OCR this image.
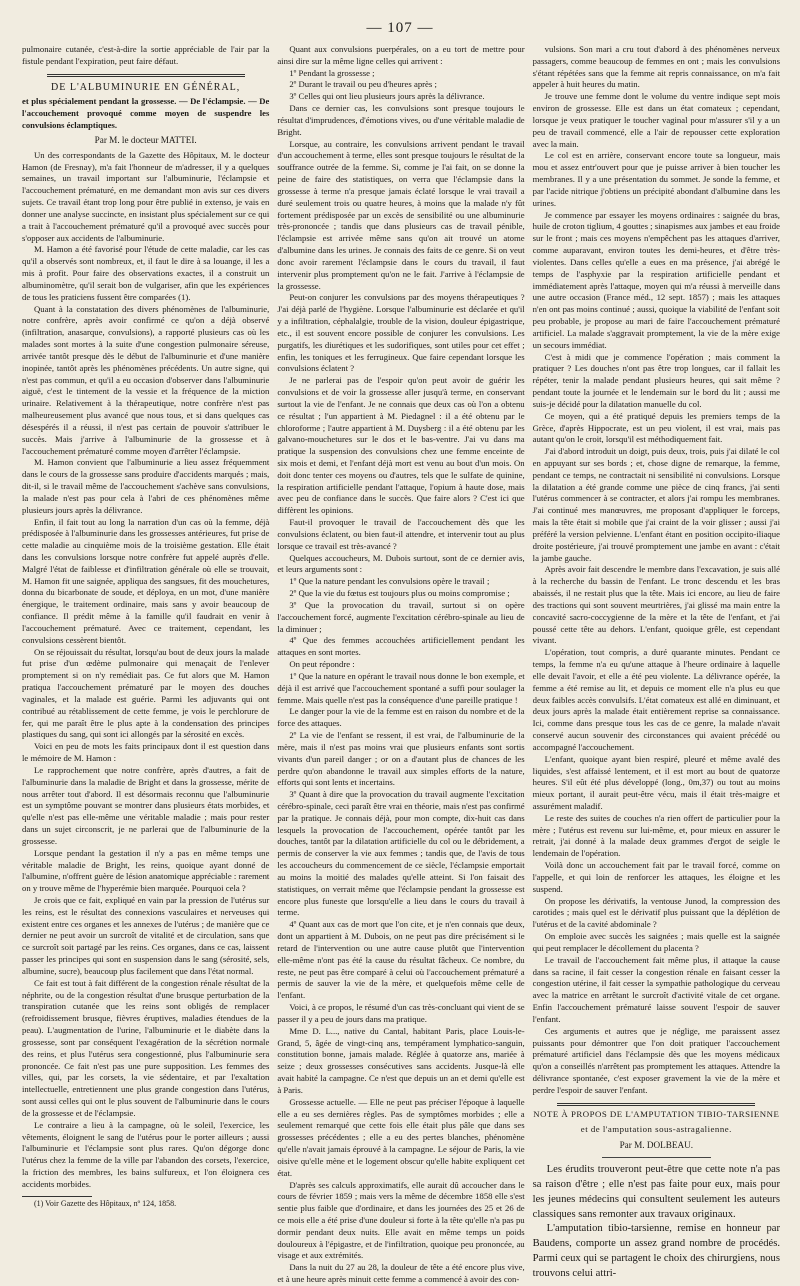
— 107 —

pulmonaire cutanée, c'est-à-dire la sortie appréciable de l'air par la fistule pendant l'expiration, peut faire défaut.

DE L'ALBUMINURIE EN GÉNÉRAL,

et plus spécialement pendant la grossesse. — De l'éclampsie. — De l'accouchement provoqué comme moyen de suspendre les convulsions éclamptiques.

Par M. le docteur MATTEI.

Un des correspondants de la Gazette des Hôpitaux, M. le docteur Hamon (de Fresnay), m'a fait l'honneur de m'adresser, il y a quelques semaines, un travail important sur l'albuminurie, l'éclampsie et l'accouchement prématuré, en me demandant mon avis sur ces divers sujets. Ce travail étant trop long pour être publié in extenso, je vais en donner une analyse succincte, en insistant plus spécialement sur ce qui a trait à l'accouchement prématuré qu'il a provoqué avec succès pour s'opposer aux accidents de l'albuminurie.

M. Hamon a été favorisé pour l'étude de cette maladie, car les cas qu'il a observés sont nombreux, et, il faut le dire à sa louange, il les a mis à profit. Pour faire des observations exactes, il a construit un albuminomètre, qu'il serait bon de vulgariser, afin que les expériences de tous les praticiens fussent être comparées (1).

Quant à la constatation des divers phénomènes de l'albuminurie, notre confrère, après avoir confirmé ce qu'on a déjà observé (infiltration, anasarque, convulsions), a rapporté plusieurs cas où les malades sont mortes à la suite d'une congestion pulmonaire séreuse, arrivée tantôt presque dès le début de l'albuminurie et d'une manière inopinée, tantôt après les phénomènes précédents. Un autre signe, qui n'est pas commun, et qu'il a eu occasion d'observer dans l'albuminurie aiguë, c'est le tintement de la vessie et la fréquence de la miction urinaire. Relativement à la thérapeutique, notre confrère n'est pas malheureusement plus avancé que nous tous, et si dans quelques cas désespérés il a réussi, il n'est pas certain de pouvoir s'attribuer le succès. Mais j'arrive à l'albuminurie de la grossesse et à l'accouchement prématuré comme moyen d'arrêter l'éclampsie.

M. Hamon convient que l'albuminurie a lieu assez fréquemment dans le cours de la grossesse sans produire d'accidents marqués ; mais, dit-il, si le travail même de l'accouchement s'achève sans convulsions, la malade n'est pas pour cela à l'abri de ces phénomènes même plusieurs jours après la délivrance.

Enfin, il fait tout au long la narration d'un cas où la femme, déjà prédisposée à l'albuminurie dans les grossesses antérieures, fut prise de cette maladie au cinquième mois de la troisième gestation. Elle était dans les convulsions lorsque notre confrère fut appelé auprès d'elle. Malgré l'état de faiblesse et d'infiltration générale où elle se trouvait, M. Hamon fit une saignée, appliqua des sangsues, fit des mouchetures, donna du bicarbonate de soude, et déploya, en un mot, d'une manière énergique, le traitement ordinaire, mais sans y avoir beaucoup de confiance. Il prédit même à la famille qu'il faudrait en venir à l'accouchement prématuré. Avec ce traitement, cependant, les convulsions cessèrent bientôt.

On se réjouissait du résultat, lorsqu'au bout de deux jours la malade fut prise d'un œdème pulmonaire qui menaçait de l'enlever promptement si on n'y remédiait pas. Ce fut alors que M. Hamon pratiqua l'accouchement prématuré par le moyen des douches vaginales, et la malade est guérie. Parmi les adjuvants qui ont contribué au rétablissement de cette femme, je vois le perchlorure de fer, qui me paraît être le plus apte à la condensation des principes plastiques du sang, qui sont ici allongés par la sérosité en excès.

Voici en peu de mots les faits principaux dont il est question dans le mémoire de M. Hamon :

Le rapprochement que notre confrère, après d'autres, a fait de l'albuminurie dans la maladie de Bright et dans la grossesse, mérite de nous arrêter tout d'abord. Il est désormais reconnu que l'albuminurie est un symptôme pouvant se montrer dans plusieurs états morbides, et qu'elle n'est pas elle-même une véritable maladie ; mais pour rester dans un sujet circonscrit, je ne parlerai que de l'albuminurie de la grossesse.

Lorsque pendant la gestation il n'y a pas en même temps une véritable maladie de Bright, les reins, quoique ayant donné de l'albumine, n'offrent guère de lésion anatomique appréciable : rarement on y trouve même de l'hyperémie bien marquée. Pourquoi cela ?

Je crois que ce fait, expliqué en vain par la pression de l'utérus sur les reins, est le résultat des connexions vasculaires et nerveuses qui existent entre ces organes et les annexes de l'utérus ; de manière que ce dernier ne peut avoir un surcroît de vitalité et de circulation, sans que ce surcroît soit partagé par les reins. Ces organes, dans ce cas, laissent passer les principes qui sont en suspension dans le sang (sérosité, sels, albumine, sucre), beaucoup plus facilement que dans l'état normal.

Ce fait est tout à fait différent de la congestion rénale résultat de la néphrite, ou de la congestion résultat d'une brusque perturbation de la transpiration cutanée que les reins sont obligés de remplacer (refroidissement brusque, fièvres éruptives, maladies étendues de la peau). L'augmentation de l'urine, l'albuminurie et le diabète dans la grossesse, sont par conséquent l'exagération de la sécrétion normale des reins, et plus l'utérus sera congestionné, plus l'albuminurie sera prononcée. Ce fait n'est pas une pure supposition. Les femmes des villes, qui, par les corsets, la vie sédentaire, et par l'exaltation intellectuelle, entretiennent une plus grande congestion dans l'utérus, sont aussi celles qui ont le plus souvent de l'albuminurie dans le cours de la grossesse et de l'éclampsie.

Le contraire a lieu à la campagne, où le soleil, l'exercice, les vêtements, éloignent le sang de l'utérus pour le porter ailleurs ; aussi l'albuminurie et l'éclampsie sont plus rares. Qu'on dégorge donc l'utérus chez la femme de la ville par l'abandon des corsets, l'exercice, la friction des membres, les bains sulfureux, et l'on éloignera ces accidents morbides.

(1) Voir Gazette des Hôpitaux, nº 124, 1858.

Quant aux convulsions puerpérales, on a eu tort de mettre pour ainsi dire sur la même ligne celles qui arrivent :

1º Pendant la grossesse ;

2º Durant le travail ou peu d'heures après ;

3º Celles qui ont lieu plusieurs jours après la délivrance.

Dans ce dernier cas, les convulsions sont presque toujours le résultat d'imprudences, d'émotions vives, ou d'une véritable maladie de Bright.

Lorsque, au contraire, les convulsions arrivent pendant le travail d'un accouchement à terme, elles sont presque toujours le résultat de la souffrance outrée de la femme. Si, comme je l'ai fait, on se donne la peine de faire des statistiques, on verra que l'éclampsie dans la grossesse à terme n'a presque jamais éclaté lorsque le vrai travail a duré seulement trois ou quatre heures, à moins que la malade n'y fût fortement prédisposée par un excès de sensibilité ou une albuminurie très-prononcée ; tandis que dans plusieurs cas de travail pénible, l'éclampsie est arrivée même sans qu'on ait trouvé un atome d'albumine dans les urines. Je connais des faits de ce genre. Si on veut donc avoir rarement l'éclampsie dans le cours du travail, il faut intervenir plus promptement qu'on ne le fait. J'arrive à l'éclampsie de la grossesse.

Peut-on conjurer les convulsions par des moyens thérapeutiques ? J'ai déjà parlé de l'hygiène. Lorsque l'albuminurie est déclarée et qu'il y a infiltration, céphalalgie, trouble de la vision, douleur épigastrique, etc., il est souvent encore possible de conjurer les convulsions. Les purgatifs, les diurétiques et les sudorifiques, sont utiles pour cet effet ; enfin, les toniques et les ferrugineux. Que faire cependant lorsque les convulsions éclatent ?

Je ne parlerai pas de l'espoir qu'on peut avoir de guérir les convulsions et de voir la grossesse aller jusqu'à terme, en conservant surtout la vie de l'enfant. Je ne connais que deux cas où l'on a obtenu ce résultat ; l'un appartient à M. Piedagnel : il a été obtenu par le chloroforme ; l'autre appartient à M. Duysberg : il a été obtenu par les galvano-mouchetures sur le dos et le bas-ventre. J'ai vu dans ma pratique la suspension des convulsions chez une femme enceinte de six mois et demi, et l'enfant déjà mort est venu au bout d'un mois. On doit donc tenter ces moyens ou d'autres, tels que le sulfate de quinine, la respiration artificielle pendant l'attaque, l'opium à haute dose, mais avec peu de confiance dans le succès. Que faire alors ? C'est ici que diffèrent les opinions.

Faut-il provoquer le travail de l'accouchement dès que les convulsions éclatent, ou bien faut-il attendre, et intervenir tout au plus lorsque ce travail est très-avancé ?

Quelques accoucheurs, M. Dubois surtout, sont de ce dernier avis, et leurs arguments sont :

1º Que la nature pendant les convulsions opère le travail ;

2º Que la vie du fœtus est toujours plus ou moins compromise ;

3º Que la provocation du travail, surtout si on opère l'accouchement forcé, augmente l'excitation cérébro-spinale au lieu de la diminuer ;

4º Que des femmes accouchées artificiellement pendant les attaques en sont mortes.

On peut répondre :

1º Que la nature en opérant le travail nous donne le bon exemple, et déjà il est arrivé que l'accouchement spontané a suffi pour soulager la femme. Mais quelle n'est pas la conséquence d'une pareille pratique !

Le danger pour la vie de la femme est en raison du nombre et de la force des attaques.

2º La vie de l'enfant se ressent, il est vrai, de l'albuminurie de la mère, mais il n'est pas moins vrai que plusieurs enfants sont sortis vivants d'un pareil danger ; or on a d'autant plus de chances de les perdre qu'on abandonne le travail aux simples efforts de la nature, efforts qui sont lents et incertains.

3º Quant à dire que la provocation du travail augmente l'excitation cérébro-spinale, ceci paraît être vrai en théorie, mais n'est pas confirmé par la pratique. Je connais déjà, pour mon compte, dix-huit cas dans lesquels la provocation de l'accouchement, opérée tantôt par les douches, tantôt par la dilatation artificielle du col ou le débridement, a permis de conserver la vie aux femmes ; tandis que, de l'avis de tous les accoucheurs du commencement de ce siècle, l'éclampsie emportait au moins la moitié des malades qu'elle atteint. Si l'on faisait des statistiques, on verrait même que l'éclampsie pendant la grossesse est encore plus funeste que lorsqu'elle a lieu dans le cours du travail à terme.

4º Quant aux cas de mort que l'on cite, et je n'en connais que deux, dont un appartient à M. Dubois, on ne peut pas dire précisément si le retard de l'intervention ou une autre cause plutôt que l'intervention elle-même n'ont pas été la cause du résultat fâcheux. Ce nombre, du reste, ne peut pas être comparé à celui où l'accouchement prématuré a permis de sauver la vie de la mère, et quelquefois même celle de l'enfant.

Voici, à ce propos, le résumé d'un cas très-concluant qui vient de se passer il y a peu de jours dans ma pratique.

Mme D. L..., native du Cantal, habitant Paris, place Louis-le-Grand, 5, âgée de vingt-cinq ans, tempérament lymphatico-sanguin, constitution bonne, jamais malade. Réglée à quatorze ans, mariée à seize ; deux grossesses consécutives sans accidents. Jusque-là elle avait habité la campagne. Ce n'est que depuis un an et demi qu'elle est à Paris.

Grossesse actuelle. — Elle ne peut pas préciser l'époque à laquelle elle a eu ses dernières règles. Pas de symptômes morbides ; elle a seulement remarqué que cette fois elle était plus pâle que dans ses grossesses précédentes ; elle a eu des pertes blanches, phénomène qu'elle n'avait jamais éprouvé à la campagne. Le séjour de Paris, la vie oisive qu'elle mène et le logement obscur qu'elle habite expliquent cet état.

D'après ses calculs approximatifs, elle aurait dû accoucher dans le cours de février 1859 ; mais vers la même de décembre 1858 elle s'est sentie plus faible que d'ordinaire, et dans les journées des 25 et 26 de ce mois elle a été prise d'une douleur si forte à la tête qu'elle n'a pas pu dormir pendant deux nuits. Elle avait en même temps un poids douloureux à l'épigastre, et de l'infiltration, quoique peu prononcée, au visage et aux extrémités.

Dans la nuit du 27 au 28, la douleur de tête a été encore plus vive, et à une heure après minuit cette femme a commencé à avoir des con-

vulsions. Son mari a cru tout d'abord à des phénomènes nerveux passagers, comme beaucoup de femmes en ont ; mais les convulsions s'étant répétées sans que la femme ait repris connaissance, on m'a fait appeler à huit heures du matin.

Je trouve une femme dont le volume du ventre indique sept mois environ de grossesse. Elle est dans un état comateux ; cependant, lorsque je veux pratiquer le toucher vaginal pour m'assurer s'il y a un peu de travail commencé, elle a l'air de repousser cette exploration avec la main.

Le col est en arrière, conservant encore toute sa longueur, mais mou et assez entr'ouvert pour que je puisse arriver à bien toucher les membranes. Il y a une présentation du sommet. Je sonde la femme, et par l'acide nitrique j'obtiens un précipité abondant d'albumine dans les urines.

Je commence par essayer les moyens ordinaires : saignée du bras, huile de croton tiglium, 4 gouttes ; sinapismes aux jambes et eau froide sur le front ; mais ces moyens n'empêchent pas les attaques d'arriver, comme auparavant, environ toutes les demi-heures, et d'être très-violentes. Dans celles qu'elle a eues en ma présence, j'ai abrégé le temps de l'asphyxie par la respiration artificielle pendant et immédiatement après l'attaque, moyen qui m'a réussi à merveille dans une autre occasion (France méd., 12 sept. 1857) ; mais les attaques n'en ont pas moins continué ; aussi, quoique la viabilité de l'enfant soit peu probable, je propose au mari de faire l'accouchement prématuré artificiel. La malade s'aggravait promptement, la vie de la mère exige un secours immédiat.

C'est à midi que je commence l'opération ; mais comment la pratiquer ? Les douches n'ont pas être trop longues, car il fallait les répéter, tenir la malade pendant plusieurs heures, qui sait même ? pendant toute la journée et le lendemain sur le bord du lit ; aussi me suis-je décidé pour la dilatation manuelle du col.

Ce moyen, qui a été pratiqué depuis les premiers temps de la Grèce, d'après Hippocrate, est un peu violent, il est vrai, mais pas autant qu'on le croit, lorsqu'il est méthodiquement fait.

J'ai d'abord introduit un doigt, puis deux, trois, puis j'ai dilaté le col en appuyant sur ses bords ; et, chose digne de remarque, la femme, pendant ce temps, ne contractait ni sensibilité ni convulsions. Lorsque la dilatation a été grande comme une pièce de cinq francs, j'ai senti l'utérus commencer à se contracter, et alors j'ai rompu les membranes. J'ai continué mes manœuvres, me proposant d'appliquer le forceps, mais la tête était si mobile que j'ai craint de la voir glisser ; aussi j'ai préféré la version pelvienne. L'enfant étant en position occipito-iliaque droite postérieure, j'ai trouvé promptement une jambe en avant : c'était la jambe gauche.

Après avoir fait descendre le membre dans l'excavation, je suis allé à la recherche du bassin de l'enfant. Le tronc descendu et les bras abaissés, il ne restait plus que la tête. Mais ici encore, au lieu de faire des tractions qui sont souvent meurtrières, j'ai glissé ma main entre la concavité sacro-coccygienne de la mère et la tête de l'enfant, et j'ai poussé cette tête au dehors. L'enfant, quoique grêle, est cependant vivant.

L'opération, tout compris, a duré quarante minutes. Pendant ce temps, la femme n'a eu qu'une attaque à l'heure ordinaire à laquelle elle devait l'avoir, et elle a été peu violente. La délivrance opérée, la femme a été remise au lit, et depuis ce moment elle n'a plus eu que deux faibles accès convulsifs. L'état comateux est allé en diminuant, et deux jours après la malade était entièrement reprise sa connaissance. Ici, comme dans presque tous les cas de ce genre, la malade n'avait conservé aucun souvenir des circonstances qui avaient précédé ou accompagné l'accouchement.

L'enfant, quoique ayant bien respiré, pleuré et même avalé des liquides, s'est affaissé lentement, et il est mort au bout de quatorze heures. S'il eût été plus développé (long., 0m,37) ou tout au moins mieux portant, il aurait peut-être vécu, mais il était très-maigre et assurément maladif.

Le reste des suites de couches n'a rien offert de particulier pour la mère ; l'utérus est revenu sur lui-même, et, pour mieux en assurer le retrait, j'ai donné à la malade deux grammes d'ergot de seigle le lendemain de l'opération.

Voilà donc un accouchement fait par le travail forcé, comme on l'appelle, et qui loin de renforcer les attaques, les éloigne et les suspend.

On propose les dérivatifs, la ventouse Junod, la compression des carotides ; mais quel est le dérivatif plus puissant que la déplétion de l'utérus et de la cavité abdominale ?

On emploie avec succès les saignées ; mais quelle est la saignée qui peut remplacer le décollement du placenta ?

Le travail de l'accouchement fait même plus, il attaque la cause dans sa racine, il fait cesser la congestion rénale en faisant cesser la congestion utérine, il fait cesser la sympathie pathologique du cerveau avec la matrice en arrêtant le surcroît d'activité vitale de cet organe. Enfin l'accouchement prématuré laisse souvent l'espoir de sauver l'enfant.

Ces arguments et autres que je néglige, me paraissent assez puissants pour démontrer que l'on doit pratiquer l'accouchement prématuré artificiel dans l'éclampsie dès que les moyens médicaux qu'on a conseillés n'arrêtent pas promptement les attaques. Attendre la délivrance spontanée, c'est exposer gravement la vie de la mère et perdre l'espoir de sauver l'enfant.

NOTE À PROPOS DE L'AMPUTATION TIBIO-TARSIENNE
et de l'amputation sous-astragalienne.
Par M. DOLBEAU.

Les érudits trouveront peut-être que cette note n'a pas sa raison d'être ; elle n'est pas faite pour eux, mais pour les jeunes médecins qui consultent seulement les auteurs classiques sans remonter aux travaux originaux.

L'amputation tibio-tarsienne, remise en honneur par Baudens, comporte un assez grand nombre de procédés. Parmi ceux qui se partagent le choix des chirurgiens, nous trouvons celui attri-
